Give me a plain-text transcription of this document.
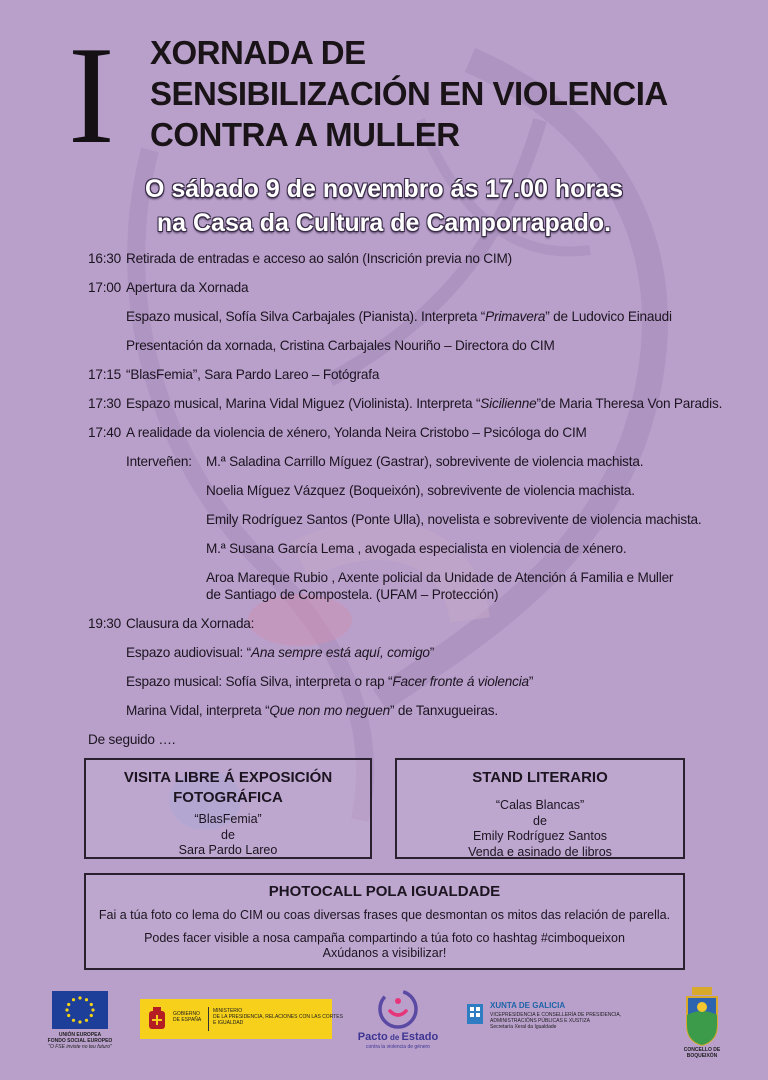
I XORNADA DE
SENSIBILIZACIÓN EN VIOLENCIA
CONTRA A MULLER
O sábado 9 de novembro ás 17.00 horas
na Casa da Cultura de Camporrapado.
16:30 Retirada de entradas e acceso ao salón (Inscrición previa no CIM)
17:00 Apertura da Xornada
Espazo musical, Sofía Silva Carbajales (Pianista). Interpreta “Primavera” de Ludovico Einaudi
Presentación da xornada, Cristina Carbajales Nouriño – Directora do CIM
17:15 “BlasFemia”, Sara Pardo Lareo – Fotógrafa
17:30 Espazo musical, Marina Vidal Miguez (Violinista). Interpreta “Sicilienne”de Maria Theresa Von Paradis.
17:40 A realidade da violencia de xénero, Yolanda Neira Cristobo – Psicóloga do CIM
Interveñen: M.ª Saladina Carrillo Míguez (Gastrar), sobrevivente de violencia machista.
Noelia Míguez Vázquez (Boqueixón), sobrevivente de violencia machista.
Emily Rodríguez Santos (Ponte Ulla), novelista e sobrevivente de violencia machista.
M.ª Susana García Lema , avogada especialista en violencia de xénero.
Aroa Mareque Rubio , Axente policial da Unidade de Atención á Familia e Muller
de Santiago de Compostela. (UFAM – Protección)
19:30 Clausura da Xornada:
Espazo audiovisual: “Ana sempre está aquí, comigo”
Espazo musical: Sofía Silva, interpreta o rap “Facer fronte á violencia”
Marina Vidal, interpreta “Que non mo neguen” de Tanxugueiras.
De seguido ….
VISITA LIBRE Á EXPOSICIÓN
FOTOGRÁFICA
“BlasFemia”
de
Sara Pardo Lareo
STAND LITERARIO
“Calas Blancas”
de
Emily Rodríguez Santos
Venda e asinado de libros
PHOTOCALL POLA IGUALDADE
Fai a túa foto co lema do CIM ou coas diversas frases que desmontan os mitos das relación de parella.
Podes facer visible a nosa campaña compartindo a túa foto co hashtag #cimboqueixon
Axúdanos a visibilizar!
UNIÓN EUROPEA
FONDO SOCIAL EUROPEO
"O FSE inviste no teu futuro"
GOBIERNO
DE ESPAÑA
MINISTERIO
DE LA PRESIDENCIA, RELACIONES CON LAS CORTES
E IGUALDAD
Pacto de Estado
contra la violencia de género
XUNTA DE GALICIA
VICEPRESIDENCIA E CONSELLERÍA DE PRESIDENCIA,
ADMINISTRACIÓNS PÚBLICAS E XUSTIZA
Secretaría Xeral da Igualdade
CONCELLO DE
BOQUEIXÓN
